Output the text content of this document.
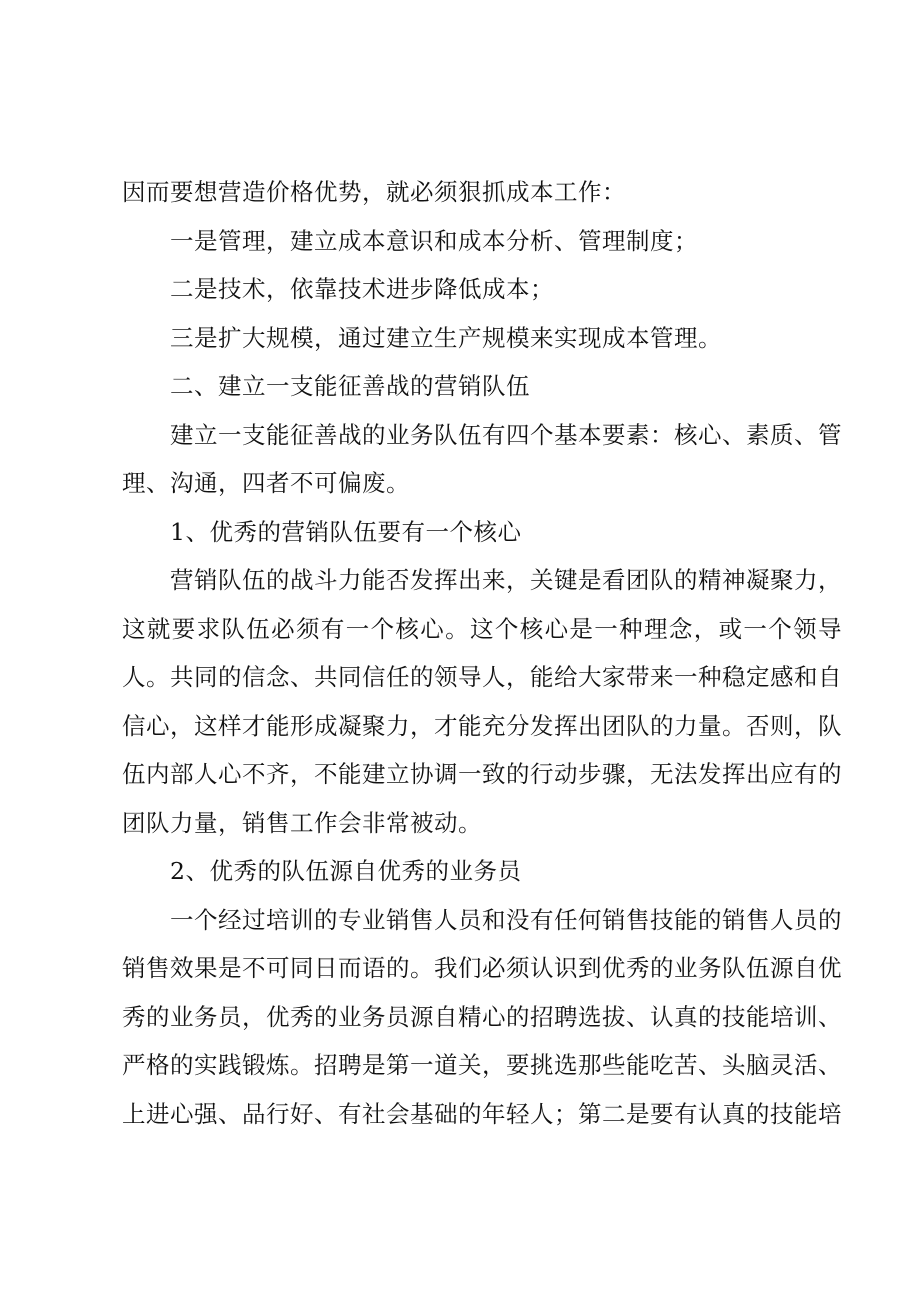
因而要想营造价格优势，就必须狠抓成本工作：

一是管理，建立成本意识和成本分析、管理制度；

二是技术，依靠技术进步降低成本；

三是扩大规模，通过建立生产规模来实现成本管理。

二、建立一支能征善战的营销队伍

建立一支能征善战的业务队伍有四个基本要素：核心、素质、管理、沟通，四者不可偏废。

1、优秀的营销队伍要有一个核心

营销队伍的战斗力能否发挥出来，关键是看团队的精神凝聚力，这就要求队伍必须有一个核心。这个核心是一种理念，或一个领导人。共同的信念、共同信任的领导人，能给大家带来一种稳定感和自信心，这样才能形成凝聚力，才能充分发挥出团队的力量。否则，队伍内部人心不齐，不能建立协调一致的行动步骤，无法发挥出应有的团队力量，销售工作会非常被动。

2、优秀的队伍源自优秀的业务员

一个经过培训的专业销售人员和没有任何销售技能的销售人员的销售效果是不可同日而语的。我们必须认识到优秀的业务队伍源自优秀的业务员，优秀的业务员源自精心的招聘选拔、认真的技能培训、严格的实践锻炼。招聘是第一道关，要挑选那些能吃苦、头脑灵活、上进心强、品行好、有社会基础的年轻人；第二是要有认真的技能培
